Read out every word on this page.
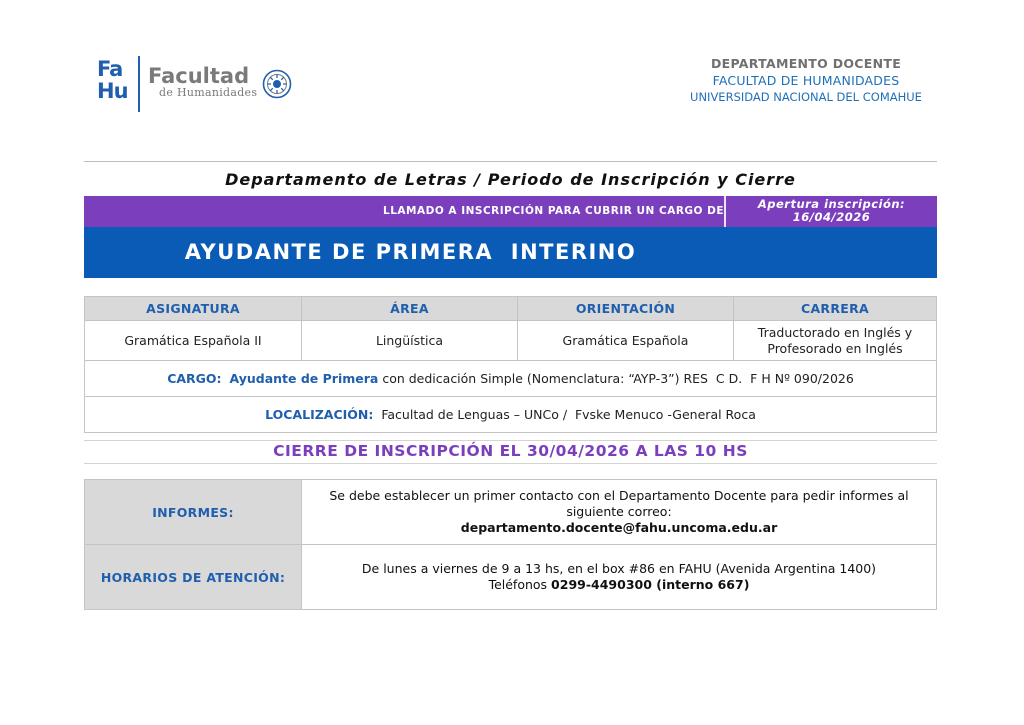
Fa
Hu
Facultad
de Humanidades
DEPARTAMENTO DOCENTE
FACULTAD DE HUMANIDADES
UNIVERSIDAD NACIONAL DEL COMAHUE
Departamento de Letras / Periodo de Inscripción y Cierre
LLAMADO A INSCRIPCIÓN PARA CUBRIR UN CARGO DE	Apertura inscripción:
16/04/2026
AYUDANTE DE PRIMERA  INTERINO
ASIGNATURA	ÁREA	ORIENTACIÓN	CARRERA
Gramática Española II	Lingüística	Gramática Española	Traductorado en Inglés y Profesorado en Inglés
CARGO: Ayudante de Primera con dedicación Simple (Nomenclatura: “AYP-3”) RES  C D.  F H Nº 090/2026			
LOCALIZACIÓN: Facultad de Lenguas – UNCo /  Fvske Menuco -General Roca			
CIERRE DE INSCRIPCIÓN EL 30/04/2026 A LAS 10 HS
INFORMES:	Se debe establecer un primer contacto con el Departamento Docente para pedir informes al siguiente correo:
departamento.docente@fahu.uncoma.edu.ar

HORARIOS DE ATENCIÓN:	De lunes a viernes de 9 a 13 hs, en el box #86 en FAHU (Avenida Argentina 1400)
Teléfonos 0299-4490300 (interno 667)
